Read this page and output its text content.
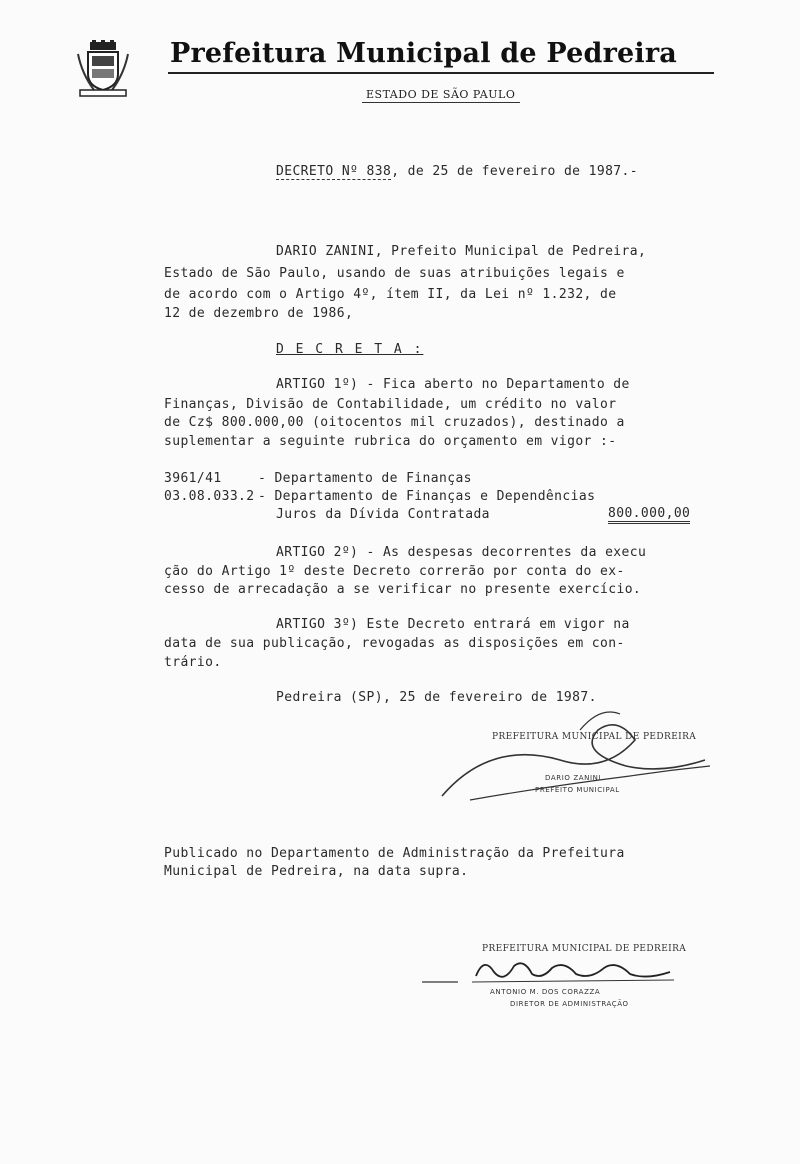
Prefeitura Municipal de Pedreira
ESTADO DE SÃO PAULO
DECRETO Nº 838, de 25 de fevereiro de 1987.-
DARIO ZANINI, Prefeito Municipal de Pedreira,
Estado de São Paulo, usando de suas atribuições legais e
de acordo com o Artigo 4º, ítem II, da Lei nº 1.232, de
12 de dezembro de 1986,
D E C R E T A :
ARTIGO 1º) - Fica aberto no Departamento de
Finanças, Divisão de Contabilidade, um crédito no valor
de Cz$ 800.000,00 (oitocentos mil cruzados), destinado a
suplementar a seguinte rubrica do orçamento em vigor :-
3961/41	- Departamento de Finanças
03.08.033.2 - Departamento de Finanças e Dependências
Juros da Dívida Contratada	800.000,00
ARTIGO 2º) - As despesas decorrentes da execu
ção do Artigo 1º deste Decreto correrão por conta do ex-
cesso de arrecadação a se verificar no presente exercício.
ARTIGO 3º) Este Decreto entrará em vigor na
data de sua publicação, revogadas as disposições em con-
trário.
Pedreira (SP), 25 de fevereiro de 1987.
PREFEITURA MUNICIPAL DE PEDREIRA
DARIO ZANINI
PREFEITO MUNICIPAL
Publicado no Departamento de Administração da Prefeitura
Municipal de Pedreira, na data supra.
PREFEITURA MUNICIPAL DE PEDREIRA
ANTONIO M. DOS CORAZZA
DIRETOR DE ADMINISTRAÇÃO
